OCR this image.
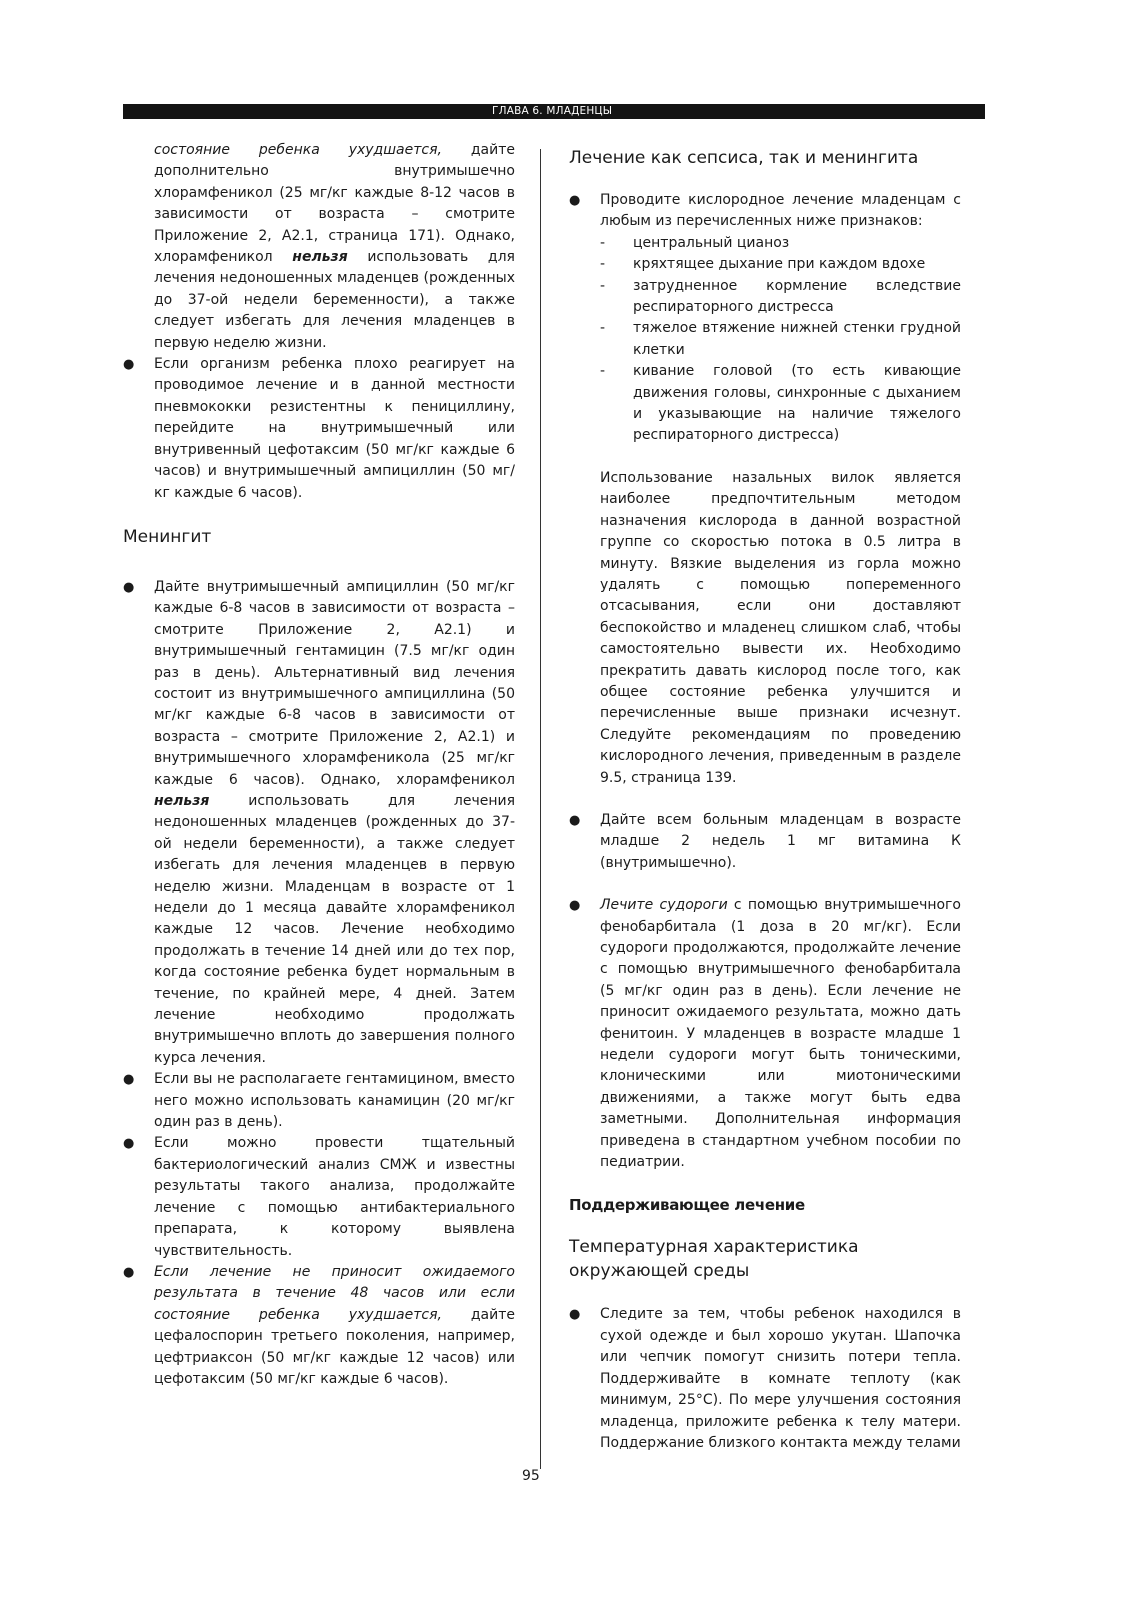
ГЛАВА 6. МЛАДЕНЦЫ

состояние ребенка ухудшается, дайте дополнительно внутримышечно хлорамфеникол (25 мг/кг каждые 8-12 часов в зависимости от возраста – смотрите Приложение 2, А2.1, страница 171). Однако, хлорамфеникол нельзя использовать для лечения недоношенных младенцев (рожденных до 37-ой недели беременности), а также следует избегать для лечения младенцев в первую неделю жизни.

● Если организм ребенка плохо реагирует на проводимое лечение и в данной местности пневмококки резистентны к пенициллину, перейдите на внутримышечный или внутривенный цефотаксим (50 мг/кг каждые 6 часов) и внутримышечный ампициллин (50 мг/кг каждые 6 часов).

Менингит

● Дайте внутримышечный ампициллин (50 мг/кг каждые 6-8 часов в зависимости от возраста – смотрите Приложение 2, А2.1) и внутримышечный гентамицин (7.5 мг/кг один раз в день). Альтернативный вид лечения состоит из внутримышечного ампициллина (50 мг/кг каждые 6-8 часов в зависимости от возраста – смотрите Приложение 2, А2.1) и внутримышечного хлорамфеникола (25 мг/кг каждые 6 часов). Однако, хлорамфеникол нельзя использовать для лечения недоношенных младенцев (рожденных до 37-ой недели беременности), а также следует избегать для лечения младенцев в первую неделю жизни. Младенцам в возрасте от 1 недели до 1 месяца давайте хлорамфеникол каждые 12 часов. Лечение необходимо продолжать в течение 14 дней или до тех пор, когда состояние ребенка будет нормальным в течение, по крайней мере, 4 дней. Затем лечение необходимо продолжать внутримышечно вплоть до завершения полного курса лечения.

● Если вы не располагаете гентамицином, вместо него можно использовать канамицин (20 мг/кг один раз в день).

● Если можно провести тщательный бактериологический анализ СМЖ и известны результаты такого анализа, продолжайте лечение с помощью антибактериального препарата, к которому выявлена чувствительность.

● Если лечение не приносит ожидаемого результата в течение 48 часов или если состояние ребенка ухудшается, дайте цефалоспорин третьего поколения, например, цефтриаксон (50 мг/кг каждые 12 часов) или цефотаксим (50 мг/кг каждые 6 часов).

Лечение как сепсиса, так и менингита

● Проводите кислородное лечение младенцам с любым из перечисленных ниже признаков:

- центральный цианоз

- кряхтящее дыхание при каждом вдохе

- затрудненное кормление вследствие респираторного дистресса

- тяжелое втяжение нижней стенки грудной клетки

- кивание головой (то есть кивающие движения головы, синхронные с дыханием и указывающие на наличие тяжелого респираторного дистресса)

Использование назальных вилок является наиболее предпочтительным методом назначения кислорода в данной возрастной группе со скоростью потока в 0.5 литра в минуту. Вязкие выделения из горла можно удалять с помощью попеременного отсасывания, если они доставляют беспокойство и младенец слишком слаб, чтобы самостоятельно вывести их. Необходимо прекратить давать кислород после того, как общее состояние ребенка улучшится и перечисленные выше признаки исчезнут. Следуйте рекомендациям по проведению кислородного лечения, приведенным в разделе 9.5, страница 139.

● Дайте всем больным младенцам в возрасте младше 2 недель 1 мг витамина К (внутримышечно).

● Лечите судороги с помощью внутримышечного фенобарбитала (1 доза в 20 мг/кг). Если судороги продолжаются, продолжайте лечение с помощью внутримышечного фенобарбитала (5 мг/кг один раз в день). Если лечение не приносит ожидаемого результата, можно дать фенитоин. У младенцев в возрасте младше 1 недели судороги могут быть тоническими, клоническими или миотоническими движениями, а также могут быть едва заметными. Дополнительная информация приведена в стандартном учебном пособии по педиатрии.

Поддерживающее лечение

Температурная характеристика окружающей среды

● Следите за тем, чтобы ребенок находился в сухой одежде и был хорошо укутан. Шапочка или чепчик помогут снизить потери тепла. Поддерживайте в комнате теплоту (как минимум, 25°С). По мере улучшения состояния младенца, приложите ребенка к телу матери. Поддержание близкого контакта между телами

95
